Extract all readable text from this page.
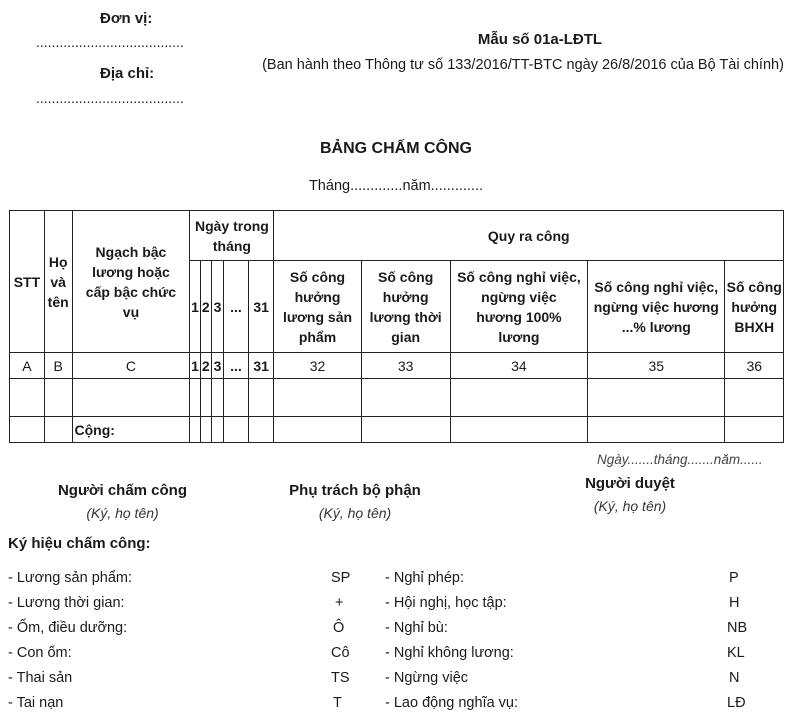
Đơn vị:
......................................
Địa chỉ:
......................................
Mẫu số 01a-LĐTL
(Ban hành theo Thông tư số 133/2016/TT-BTC ngày 26/8/2016 của Bộ Tài chính)
BẢNG CHẤM CÔNG
Tháng.............năm.............
STT	Họ và tên	Ngạch bậc lương hoặc cấp bậc chức vụ	Ngày trong tháng					Quy ra công				
			1	2	3	...	31	Số công hưởng lương sản phẩm	Số công hưởng lương thời gian	Số công nghỉ việc, ngừng việc hương 100% lương	Số công nghỉ việc, ngừng việc hương ...% lương	Số công hưởng BHXH
A	B	C	1	2	3	...	31	32	33	34	35	36

		Cộng:										
Ngày.......tháng.......năm......
Người chấm công
(Ký, họ tên)
Phụ trách bộ phận
(Ký, họ tên)
Người duyệt
(Ký, họ tên)
Ký hiệu chấm công:
- Lương sản phẩm:	SP
- Lương thời gian:	+
- Ốm, điều dưỡng:	Ô
- Con ốm:	Cô
- Thai sản	TS
- Tai nạn	T
- Nghỉ phép:	P
- Hội nghị, học tập:	H
- Nghỉ bù:	NB
- Nghỉ không lương:	KL
- Ngừng việc	N
- Lao động nghĩa vụ:	LĐ
